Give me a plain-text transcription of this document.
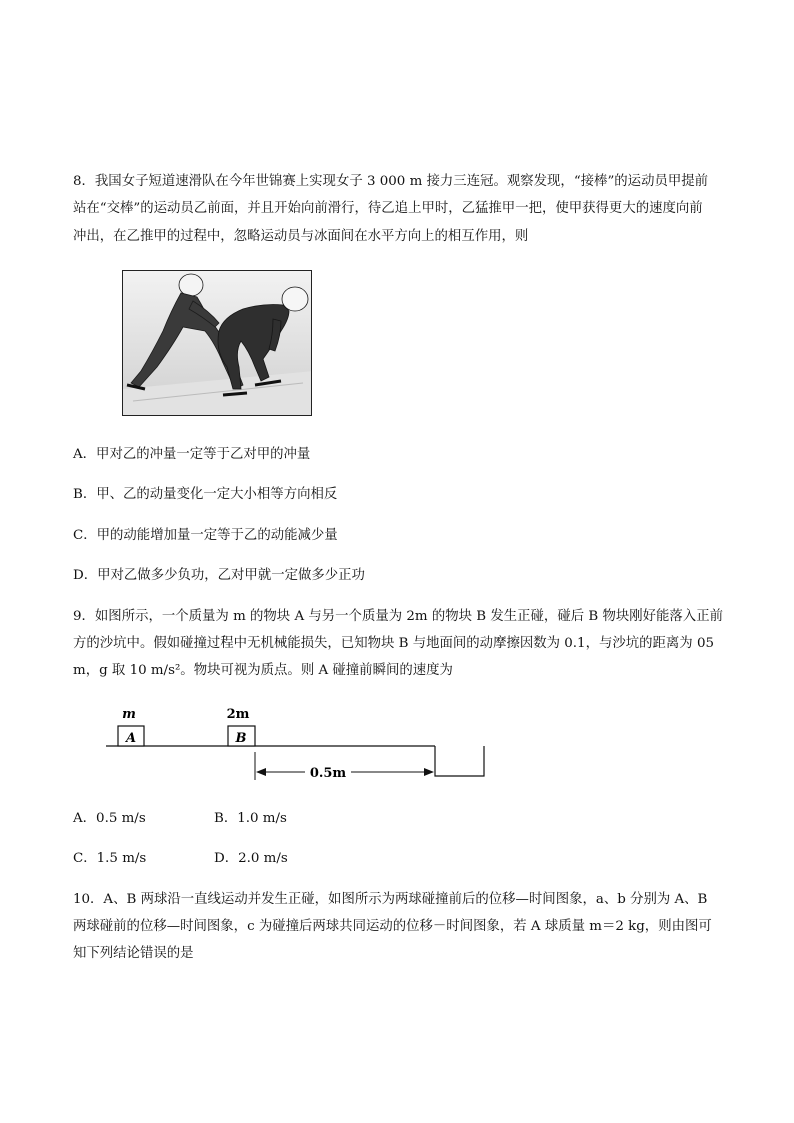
8．我国女子短道速滑队在今年世锦赛上实现女子 3 000 m 接力三连冠。观察发现，“接棒”的运动员甲提前
站在“交棒”的运动员乙前面，并且开始向前滑行，待乙追上甲时，乙猛推甲一把，使甲获得更大的速度向前
冲出，在乙推甲的过程中，忽略运动员与冰面间在水平方向上的相互作用，则
A．甲对乙的冲量一定等于乙对甲的冲量
B．甲、乙的动量变化一定大小相等方向相反
C．甲的动能增加量一定等于乙的动能减少量
D．甲对乙做多少负功，乙对甲就一定做多少正功
9．如图所示，一个质量为 m 的物块 A 与另一个质量为 2m 的物块 B 发生正碰，碰后 B 物块刚好能落入正前
方的沙坑中。假如碰撞过程中无机械能损失，已知物块 B 与地面间的动摩擦因数为 0.1，与沙坑的距离为 05
m，g 取 10 m/s²。物块可视为质点。则 A 碰撞前瞬间的速度为
A
m
B
2m
0.5m
A．0.5 m/s	B．1.0 m/s
C．1.5 m/s	D．2.0 m/s
10．A、B 两球沿一直线运动并发生正碰，如图所示为两球碰撞前后的位移—时间图象，a、b 分别为 A、B
两球碰前的位移—时间图象，c 为碰撞后两球共同运动的位移－时间图象，若 A 球质量 m＝2 kg，则由图可
知下列结论错误的是
